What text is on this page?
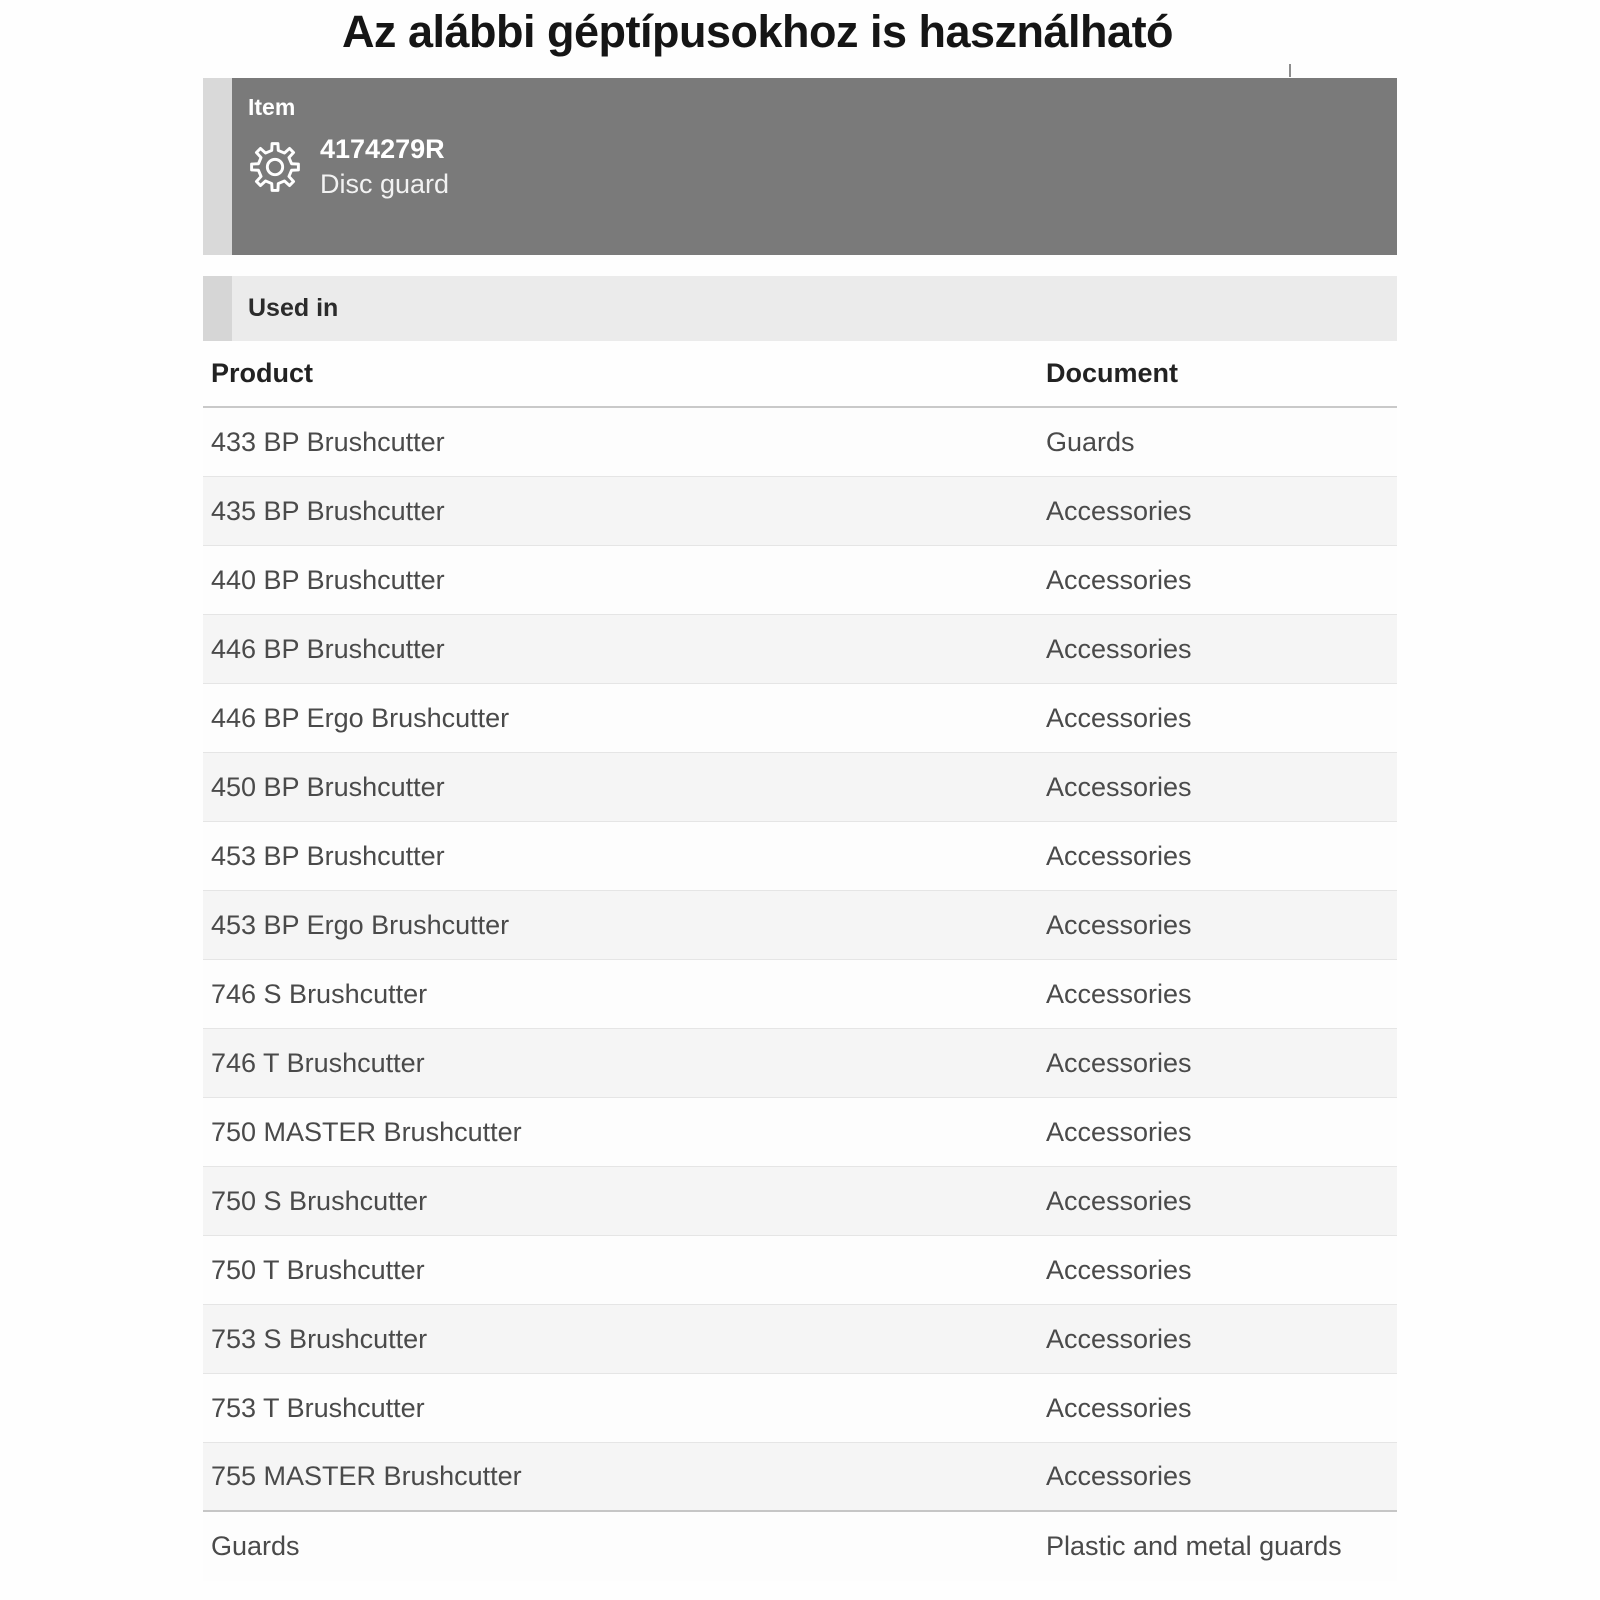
Az alábbi géptípusokhoz is használható
Item
4174279R
Disc guard
Used in
Product	Document
433 BP Brushcutter	Guards
435 BP Brushcutter	Accessories
440 BP Brushcutter	Accessories
446 BP Brushcutter	Accessories
446 BP Ergo Brushcutter	Accessories
450 BP Brushcutter	Accessories
453 BP Brushcutter	Accessories
453 BP Ergo Brushcutter	Accessories
746 S Brushcutter	Accessories
746 T Brushcutter	Accessories
750 MASTER Brushcutter	Accessories
750 S Brushcutter	Accessories
750 T Brushcutter	Accessories
753 S Brushcutter	Accessories
753 T Brushcutter	Accessories
755 MASTER Brushcutter	Accessories
Guards	Plastic and metal guards
